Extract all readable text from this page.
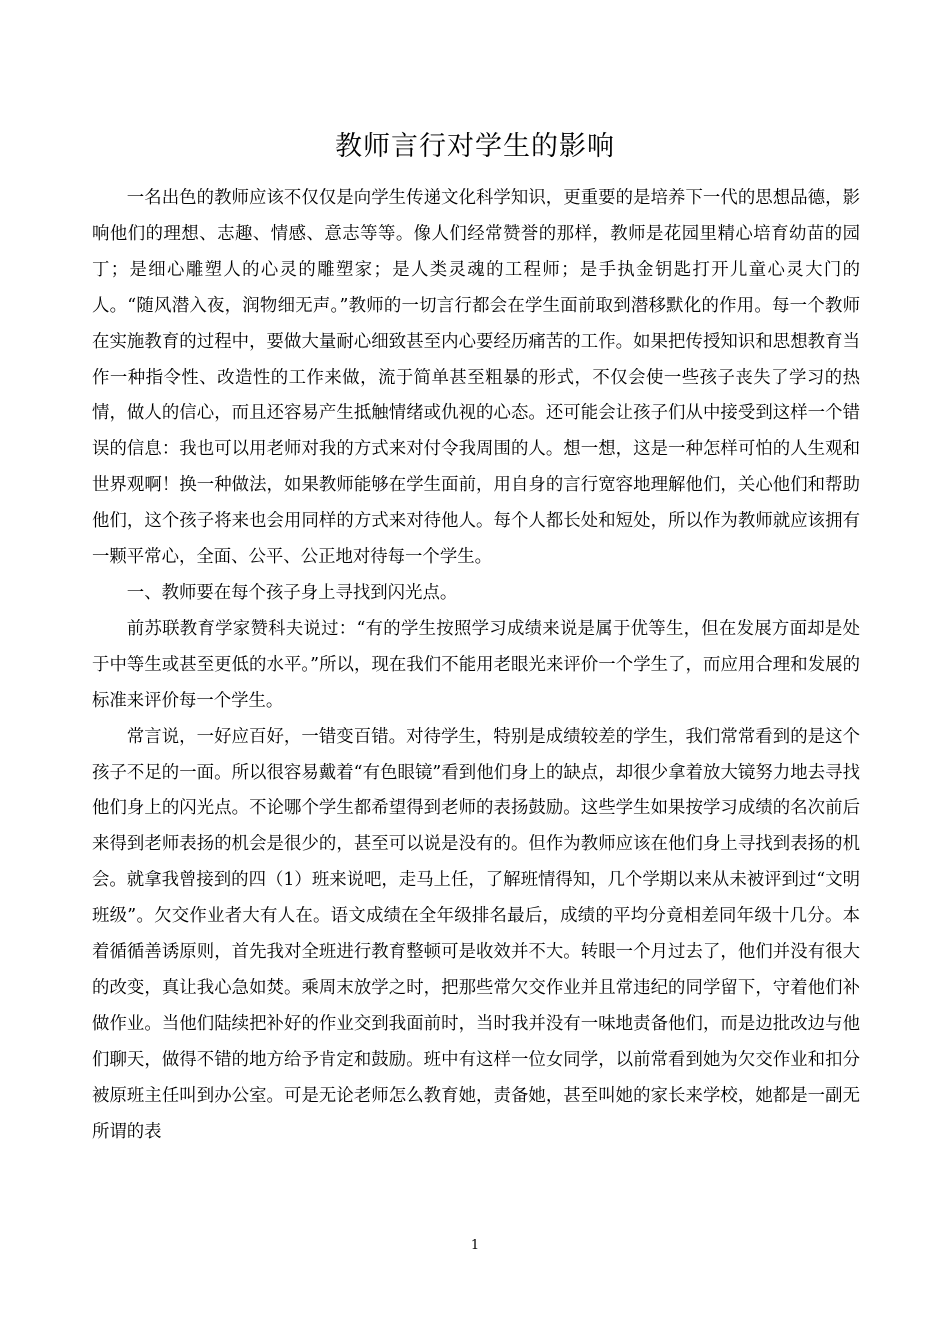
教师言行对学生的影响

一名出色的教师应该不仅仅是向学生传递文化科学知识，更重要的是培养下一代的思想品德，影响他们的理想、志趣、情感、意志等等。像人们经常赞誉的那样，教师是花园里精心培育幼苗的园丁；是细心雕塑人的心灵的雕塑家；是人类灵魂的工程师；是手执金钥匙打开儿童心灵大门的人。“随风潜入夜，润物细无声。”教师的一切言行都会在学生面前取到潜移默化的作用。每一个教师在实施教育的过程中，要做大量耐心细致甚至内心要经历痛苦的工作。如果把传授知识和思想教育当作一种指令性、改造性的工作来做，流于简单甚至粗暴的形式，不仅会使一些孩子丧失了学习的热情，做人的信心，而且还容易产生抵触情绪或仇视的心态。还可能会让孩子们从中接受到这样一个错误的信息：我也可以用老师对我的方式来对付令我周围的人。想一想，这是一种怎样可怕的人生观和世界观啊！换一种做法，如果教师能够在学生面前，用自身的言行宽容地理解他们，关心他们和帮助他们，这个孩子将来也会用同样的方式来对待他人。每个人都长处和短处，所以作为教师就应该拥有一颗平常心，全面、公平、公正地对待每一个学生。

一、教师要在每个孩子身上寻找到闪光点。

前苏联教育学家赞科夫说过：“有的学生按照学习成绩来说是属于优等生，但在发展方面却是处于中等生或甚至更低的水平。”所以，现在我们不能用老眼光来评价一个学生了，而应用合理和发展的标准来评价每一个学生。

常言说，一好应百好，一错变百错。对待学生，特别是成绩较差的学生，我们常常看到的是这个孩子不足的一面。所以很容易戴着“有色眼镜”看到他们身上的缺点，却很少拿着放大镜努力地去寻找他们身上的闪光点。不论哪个学生都希望得到老师的表扬鼓励。这些学生如果按学习成绩的名次前后来得到老师表扬的机会是很少的，甚至可以说是没有的。但作为教师应该在他们身上寻找到表扬的机会。就拿我曾接到的四（1）班来说吧，走马上任，了解班情得知，几个学期以来从未被评到过“文明班级”。欠交作业者大有人在。语文成绩在全年级排名最后，成绩的平均分竟相差同年级十几分。本着循循善诱原则，首先我对全班进行教育整顿可是收效并不大。转眼一个月过去了，他们并没有很大的改变，真让我心急如焚。乘周末放学之时，把那些常欠交作业并且常违纪的同学留下，守着他们补做作业。当他们陆续把补好的作业交到我面前时，当时我并没有一味地责备他们，而是边批改边与他们聊天，做得不错的地方给予肯定和鼓励。班中有这样一位女同学，以前常看到她为欠交作业和扣分被原班主任叫到办公室。可是无论老师怎么教育她，责备她，甚至叫她的家长来学校，她都是一副无所谓的表

1
